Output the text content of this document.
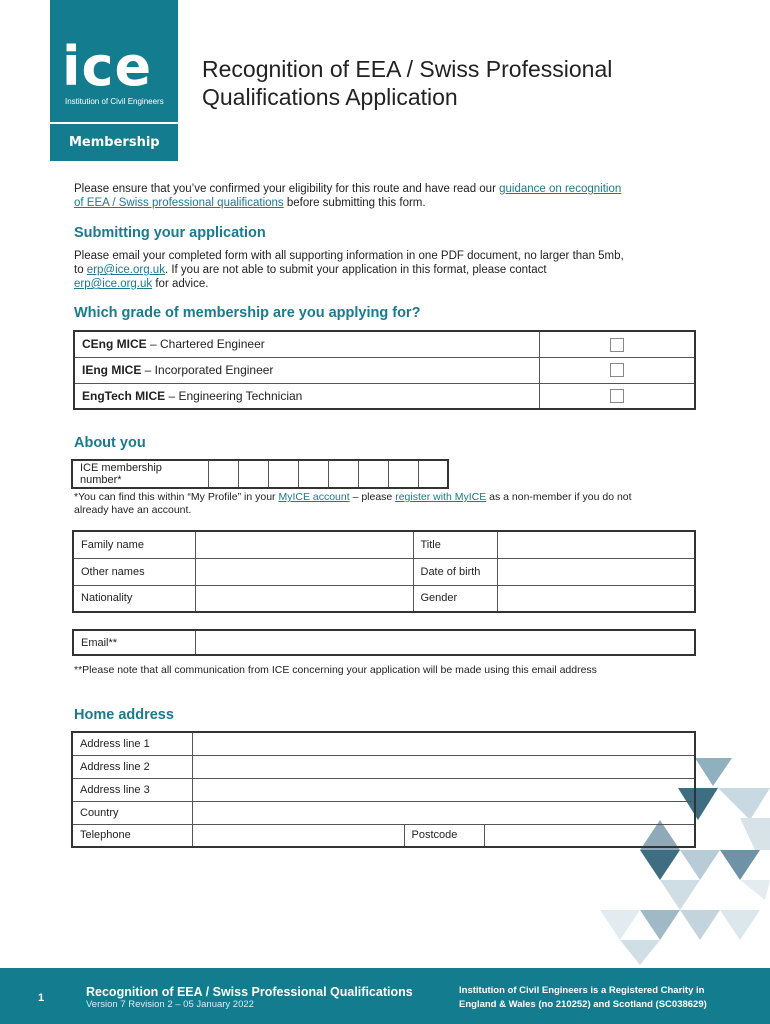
ice
Institution of Civil Engineers
Membership
Recognition of EEA / Swiss Professional
Qualifications Application
Please ensure that you’ve confirmed your eligibility for this route and have read our guidance on recognition
of EEA / Swiss professional qualifications before submitting this form.
Submitting your application
Please email your completed form with all supporting information in one PDF document, no larger than 5mb,
to erp@ice.org.uk. If you are not able to submit your application in this format, please contact
erp@ice.org.uk for advice.
Which grade of membership are you applying for?
CEng MICE – Chartered Engineer	
IEng MICE – Incorporated Engineer	
EngTech MICE – Engineering Technician	
About you
ICE membership number*								
*You can find this within “My Profile” in your MyICE account – please register with MyICE as a non-member if you do not
already have an account.
Family name		Title	
Other names		Date of birth	
Nationality		Gender	
Email**	
**Please note that all communication from ICE concerning your application will be made using this email address
Home address
Address line 1			
Address line 2			
Address line 3			
Country			
Telephone		Postcode	
1	Recognition of EEA / Swiss Professional Qualifications
Version 7 Revision 2 – 05 January 2022
Institution of Civil Engineers is a Registered Charity in
England & Wales (no 210252) and Scotland (SC038629)
